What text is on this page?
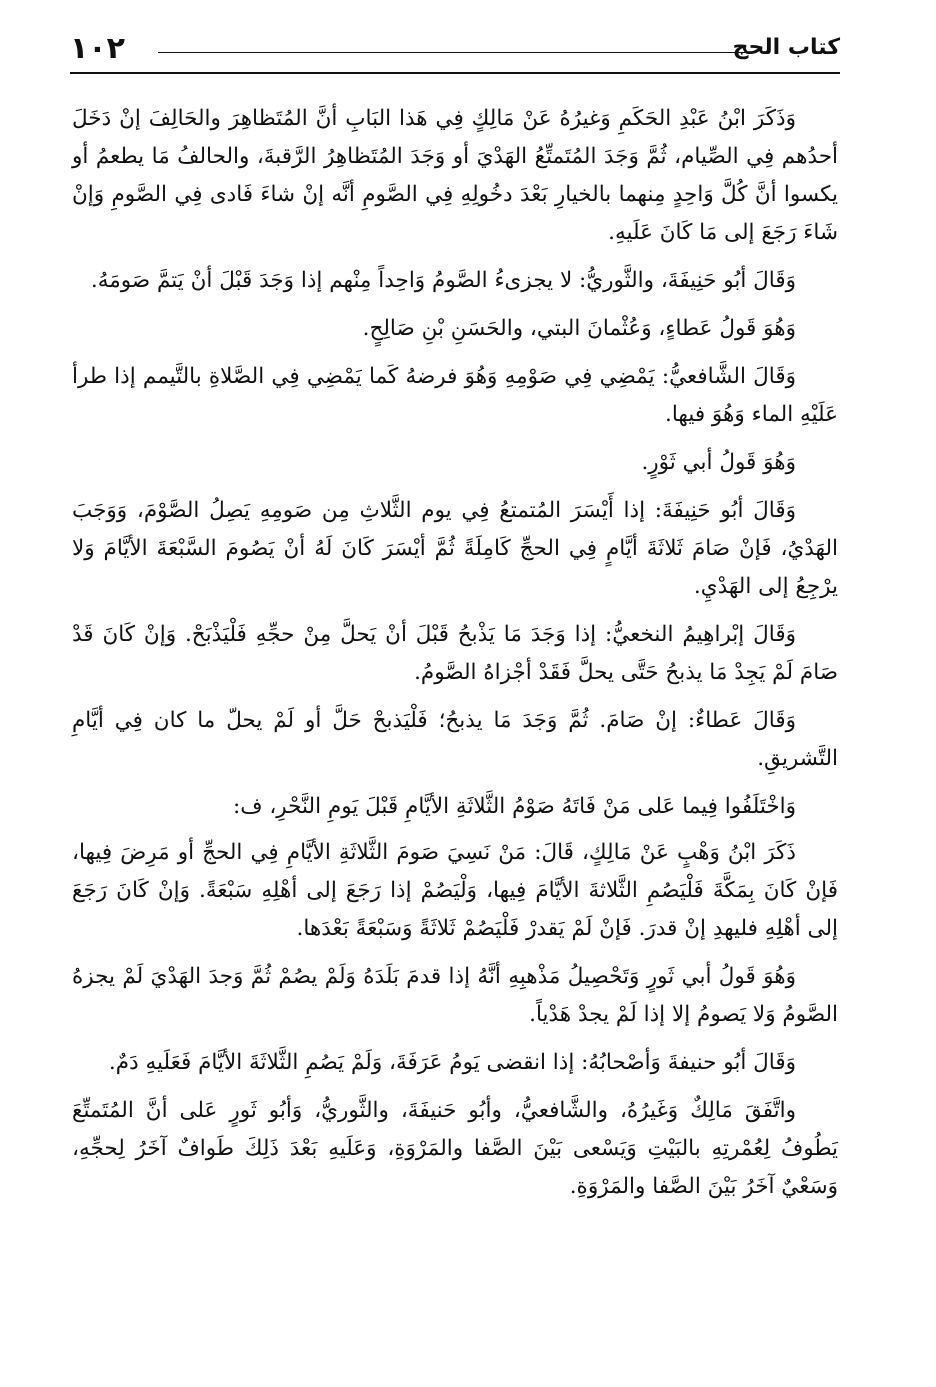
١٠٢	كتاب الحج

وَذَكَرَ ابْنُ عَبْدِ الحَكَمِ وَغيرُهُ عَنْ مَالِكٍ فِي هَذا البَابِ أنَّ المُتَظاهِرَ والحَالِفَ إنْ دَخَلَ أحدُهم فِي الصِّيام، ثُمَّ وَجَدَ المُتَمتِّعُ الهَدْيَ أو وَجَدَ المُتَظاهِرُ الرَّقبةَ، والحالفُ مَا يطعمُ أو يكسوا أنَّ كُلَّ وَاحِدٍ مِنهما بالخيارِ بَعْدَ دخُولِهِ فِي الصَّومِ أنَّه إنْ شاءَ فَادى فِي الصَّومِ وَإنْ شَاءَ رَجَعَ إلى مَا كَانَ عَلَيهِ.

وَقَالَ أبُو حَنِيفَةَ، والثَّوريُّ: لا يجزىءُ الصَّومُ وَاحِداً مِنْهم إذا وَجَدَ قَبْلَ أنْ يَتمَّ صَومَهُ.

وَهُوَ قَولُ عَطاءٍ، وَعُثْمانَ البتي، والحَسَنِ بْنِ صَالِحٍ.

وَقَالَ الشَّافعيُّ: يَمْضِي فِي صَوْمِهِ وَهُوَ فرضهُ كَما يَمْضِي فِي الصَّلاةِ بالتَّيمم إذا طرأ عَلَيْهِ الماء وَهُوَ فيها.

وَهُوَ قَولُ أبي ثَوْرٍ.

وَقَالَ أبُو حَنِيفَةَ: إذا أَيْسَرَ المُتمتعُ فِي يوم الثَّلاثِ مِن صَومِهِ يَصِلُ الصَّوْمَ، وَوَجَبَ الهَدْيُ، فَإنْ صَامَ ثَلاثَةَ أيَّامٍ فِي الحجِّ كَامِلَةً ثُمَّ أيْسَرَ كَانَ لَهُ أنْ يَصُومَ السَّبْعَةَ الأيَّامَ وَلا يرْجِعُ إلى الهَدْيِ.

وَقَالَ إبْراهِيمُ النخعيُّ: إذا وَجَدَ مَا يَذْبحُ قَبْلَ أنْ يَحلَّ مِنْ حجِّهِ فَلْيَذْبَحْ. وَإنْ كَانَ قَدْ صَامَ لَمْ يَجِدْ مَا يذبحُ حَتَّى يحلَّ فَقَدْ أجْزاهُ الصَّومُ.

وَقَالَ عَطاءٌ: إنْ صَامَ. ثُمَّ وَجَدَ مَا يذبحُ؛ فَلْيَذبحْ حَلَّ أو لَمْ يحلّ ما كان فِي أيَّامِ التَّشريقِ.

وَاخْتَلَفُوا فِيما عَلى مَنْ فَاتَهُ صَوْمُ الثَّلاثَةِ الأيَّامِ قَبْلَ يَومِ النَّحْرِ، ف:

ذَكَرَ ابْنُ وَهْبٍ عَنْ مَالِكٍ، قَالَ: مَنْ نَسِيَ صَومَ الثَّلاثَةِ الأيَّامِ فِي الحجِّ أو مَرِضَ فِيها، فَإنْ كَانَ بِمَكَّةَ فَلْيَصُمِ الثَّلاثةَ الأيَّامَ فِيها، وَلْيَصُمْ إذا رَجَعَ إلى أهْلِهِ سَبْعَةً. وَإنْ كَانَ رَجَعَ إلى أهْلِهِ فليهدِ إنْ قدرَ. فَإنْ لَمْ يَقدرْ فَلْيَصُمْ ثَلاثَةً وَسَبْعَةً بَعْدَها.

وَهُوَ قَولُ أبي ثَورٍ وَتَحْصِيلُ مَذْهبِهِ أنَّهُ إذا قدمَ بَلَدَهُ وَلَمْ يصُمْ ثُمَّ وَجدَ الهَدْيَ لَمْ يجزهُ الصَّومُ وَلا يَصومُ إلا إذا لَمْ يجدْ هَدْياً.

وَقَالَ أبُو حنيفةَ وَأصْحابُهُ: إذا انقضى يَومُ عَرَفَةَ، وَلَمْ يَصُمِ الثَّلاثَةَ الأيَّامَ فَعَلَيهِ دَمٌ.

واتَّفَقَ مَالِكٌ وَغَيرُهُ، والشَّافعيُّ، وأبُو حَنيفَةَ، والثَّوريُّ، وَأبُو ثَورٍ عَلى أنَّ المُتَمتِّعَ يَطُوفُ لِعُمْرتِهِ بالبَيْتِ وَيَسْعى بَيْنَ الصَّفا والمَرْوَةِ، وَعَلَيهِ بَعْدَ ذَلِكَ طَوافٌ آخَرُ لِحجِّهِ، وَسَعْيٌ آخَرُ بَيْنَ الصَّفا والمَرْوَةِ.
